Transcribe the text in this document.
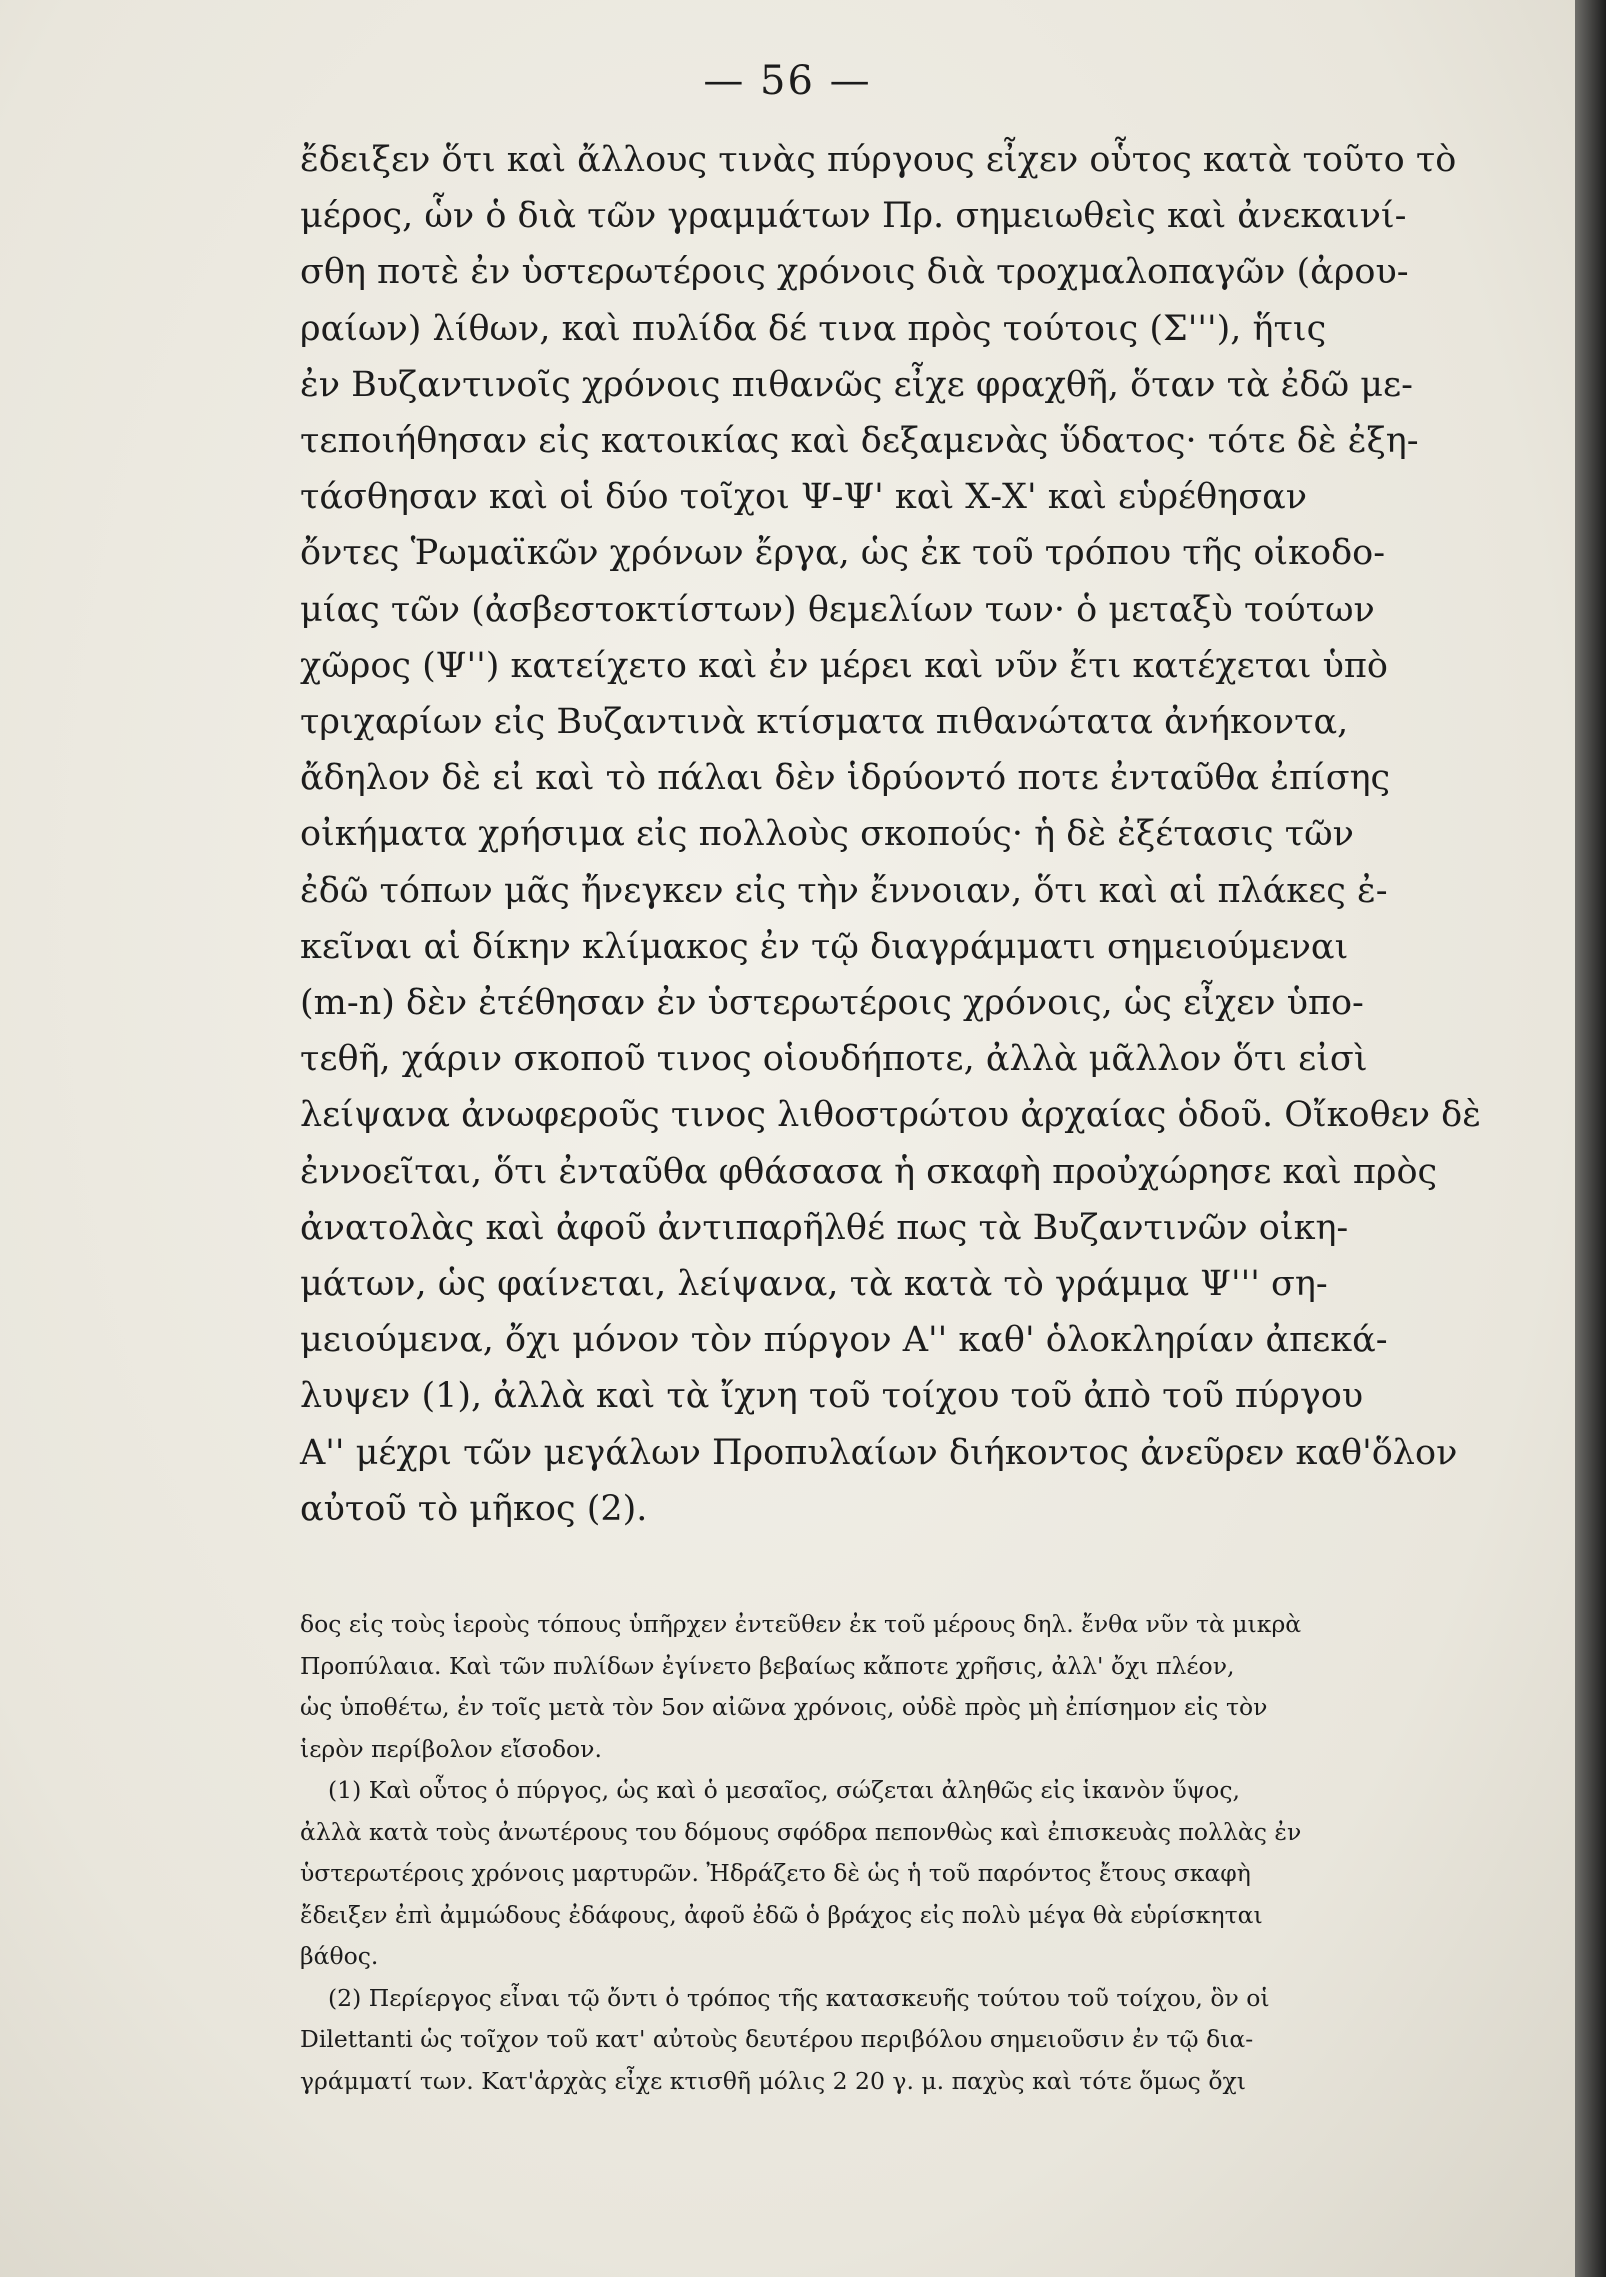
— 56 —
ἔδειξεν ὅτι καὶ ἄλλους τινὰς πύργους εἶχεν οὗτος κατὰ τοῦτο τὸ
μέρος, ὧν ὁ διὰ τῶν γραμμάτων Πρ. σημειωθεὶς καὶ ἀνεκαινί-
σθη ποτὲ ἐν ὑστερωτέροις χρόνοις διὰ τροχμαλοπαγῶν (ἀρου-
ραίων) λίθων, καὶ πυλίδα δέ τινα πρὸς τούτοις (Σ'''), ἥτις
ἐν Βυζαντινοῖς χρόνοις πιθανῶς εἶχε φραχθῆ, ὅταν τὰ ἐδῶ με-
τεποιήθησαν εἰς κατοικίας καὶ δεξαμενὰς ὕδατος· τότε δὲ ἐξη-
τάσθησαν καὶ οἱ δύο τοῖχοι Ψ-Ψ' καὶ Χ-Χ' καὶ εὑρέθησαν
ὄντες Ῥωμαϊκῶν χρόνων ἔργα, ὡς ἐκ τοῦ τρόπου τῆς οἰκοδο-
μίας τῶν (ἀσβεστοκτίστων) θεμελίων των· ὁ μεταξὺ τούτων
χῶρος (Ψ'') κατείχετο καὶ ἐν μέρει καὶ νῦν ἔτι κατέχεται ὑπὸ
τριχαρίων εἰς Βυζαντινὰ κτίσματα πιθανώτατα ἀνήκοντα,
ἄδηλον δὲ εἰ καὶ τὸ πάλαι δὲν ἱδρύοντό ποτε ἐνταῦθα ἐπίσης
οἰκήματα χρήσιμα εἰς πολλοὺς σκοπούς· ἡ δὲ ἐξέτασις τῶν
ἐδῶ τόπων μᾶς ἤνεγκεν εἰς τὴν ἔννοιαν, ὅτι καὶ αἱ πλάκες ἐ-
κεῖναι αἱ δίκην κλίμακος ἐν τῷ διαγράμματι σημειούμεναι
(m-n) δὲν ἐτέθησαν ἐν ὑστερωτέροις χρόνοις, ὡς εἶχεν ὑπο-
τεθῆ, χάριν σκοποῦ τινος οἱουδήποτε, ἀλλὰ μᾶλλον ὅτι εἰσὶ
λείψανα ἀνωφεροῦς τινος λιθοστρώτου ἀρχαίας ὁδοῦ. Οἴκοθεν δὲ
ἐννοεῖται, ὅτι ἐνταῦθα φθάσασα ἡ σκαφὴ προὐχώρησε καὶ πρὸς
ἀνατολὰς καὶ ἀφοῦ ἀντιπαρῆλθέ πως τὰ Βυζαντινῶν οἰκη-
μάτων, ὡς φαίνεται, λείψανα, τὰ κατὰ τὸ γράμμα Ψ''' ση-
μειούμενα, ὄχι μόνον τὸν πύργον Α'' καθ' ὁλοκληρίαν ἀπεκά-
λυψεν (1), ἀλλὰ καὶ τὰ ἴχνη τοῦ τοίχου τοῦ ἀπὸ τοῦ πύργου
Α'' μέχρι τῶν μεγάλων Προπυλαίων διήκοντος ἀνεῦρεν καθ'ὅλον
αὐτοῦ τὸ μῆκος (2).
δος εἰς τοὺς ἱεροὺς τόπους ὑπῆρχεν ἐντεῦθεν ἐκ τοῦ μέρους δηλ. ἔνθα νῦν τὰ μικρὰ
Προπύλαια. Καὶ τῶν πυλίδων ἐγίνετο βεβαίως κἄποτε χρῆσις, ἀλλ' ὄχι πλέον,
ὡς ὑποθέτω, ἐν τοῖς μετὰ τὸν 5ον αἰῶνα χρόνοις, οὐδὲ πρὸς μὴ ἐπίσημον εἰς τὸν
ἱερὸν περίβολον εἴσοδον.
(1) Καὶ οὗτος ὁ πύργος, ὡς καὶ ὁ μεσαῖος, σώζεται ἀληθῶς εἰς ἱκανὸν ὕψος,
ἀλλὰ κατὰ τοὺς ἀνωτέρους του δόμους σφόδρα πεπονθὼς καὶ ἐπισκευὰς πολλὰς ἐν
ὑστερωτέροις χρόνοις μαρτυρῶν. Ἠδράζετο δὲ ὡς ἡ τοῦ παρόντος ἔτους σκαφὴ
ἔδειξεν ἐπὶ ἀμμώδους ἐδάφους, ἀφοῦ ἐδῶ ὁ βράχος εἰς πολὺ μέγα θὰ εὑρίσκηται
βάθος.
(2) Περίεργος εἶναι τῷ ὄντι ὁ τρόπος τῆς κατασκευῆς τούτου τοῦ τοίχου, ὃν οἱ
Dilettanti ὡς τοῖχον τοῦ κατ' αὐτοὺς δευτέρου περιβόλου σημειοῦσιν ἐν τῷ δια-
γράμματί των. Κατ'ἀρχὰς εἶχε κτισθῆ μόλις 2 20 γ. μ. παχὺς καὶ τότε ὅμως ὄχι
